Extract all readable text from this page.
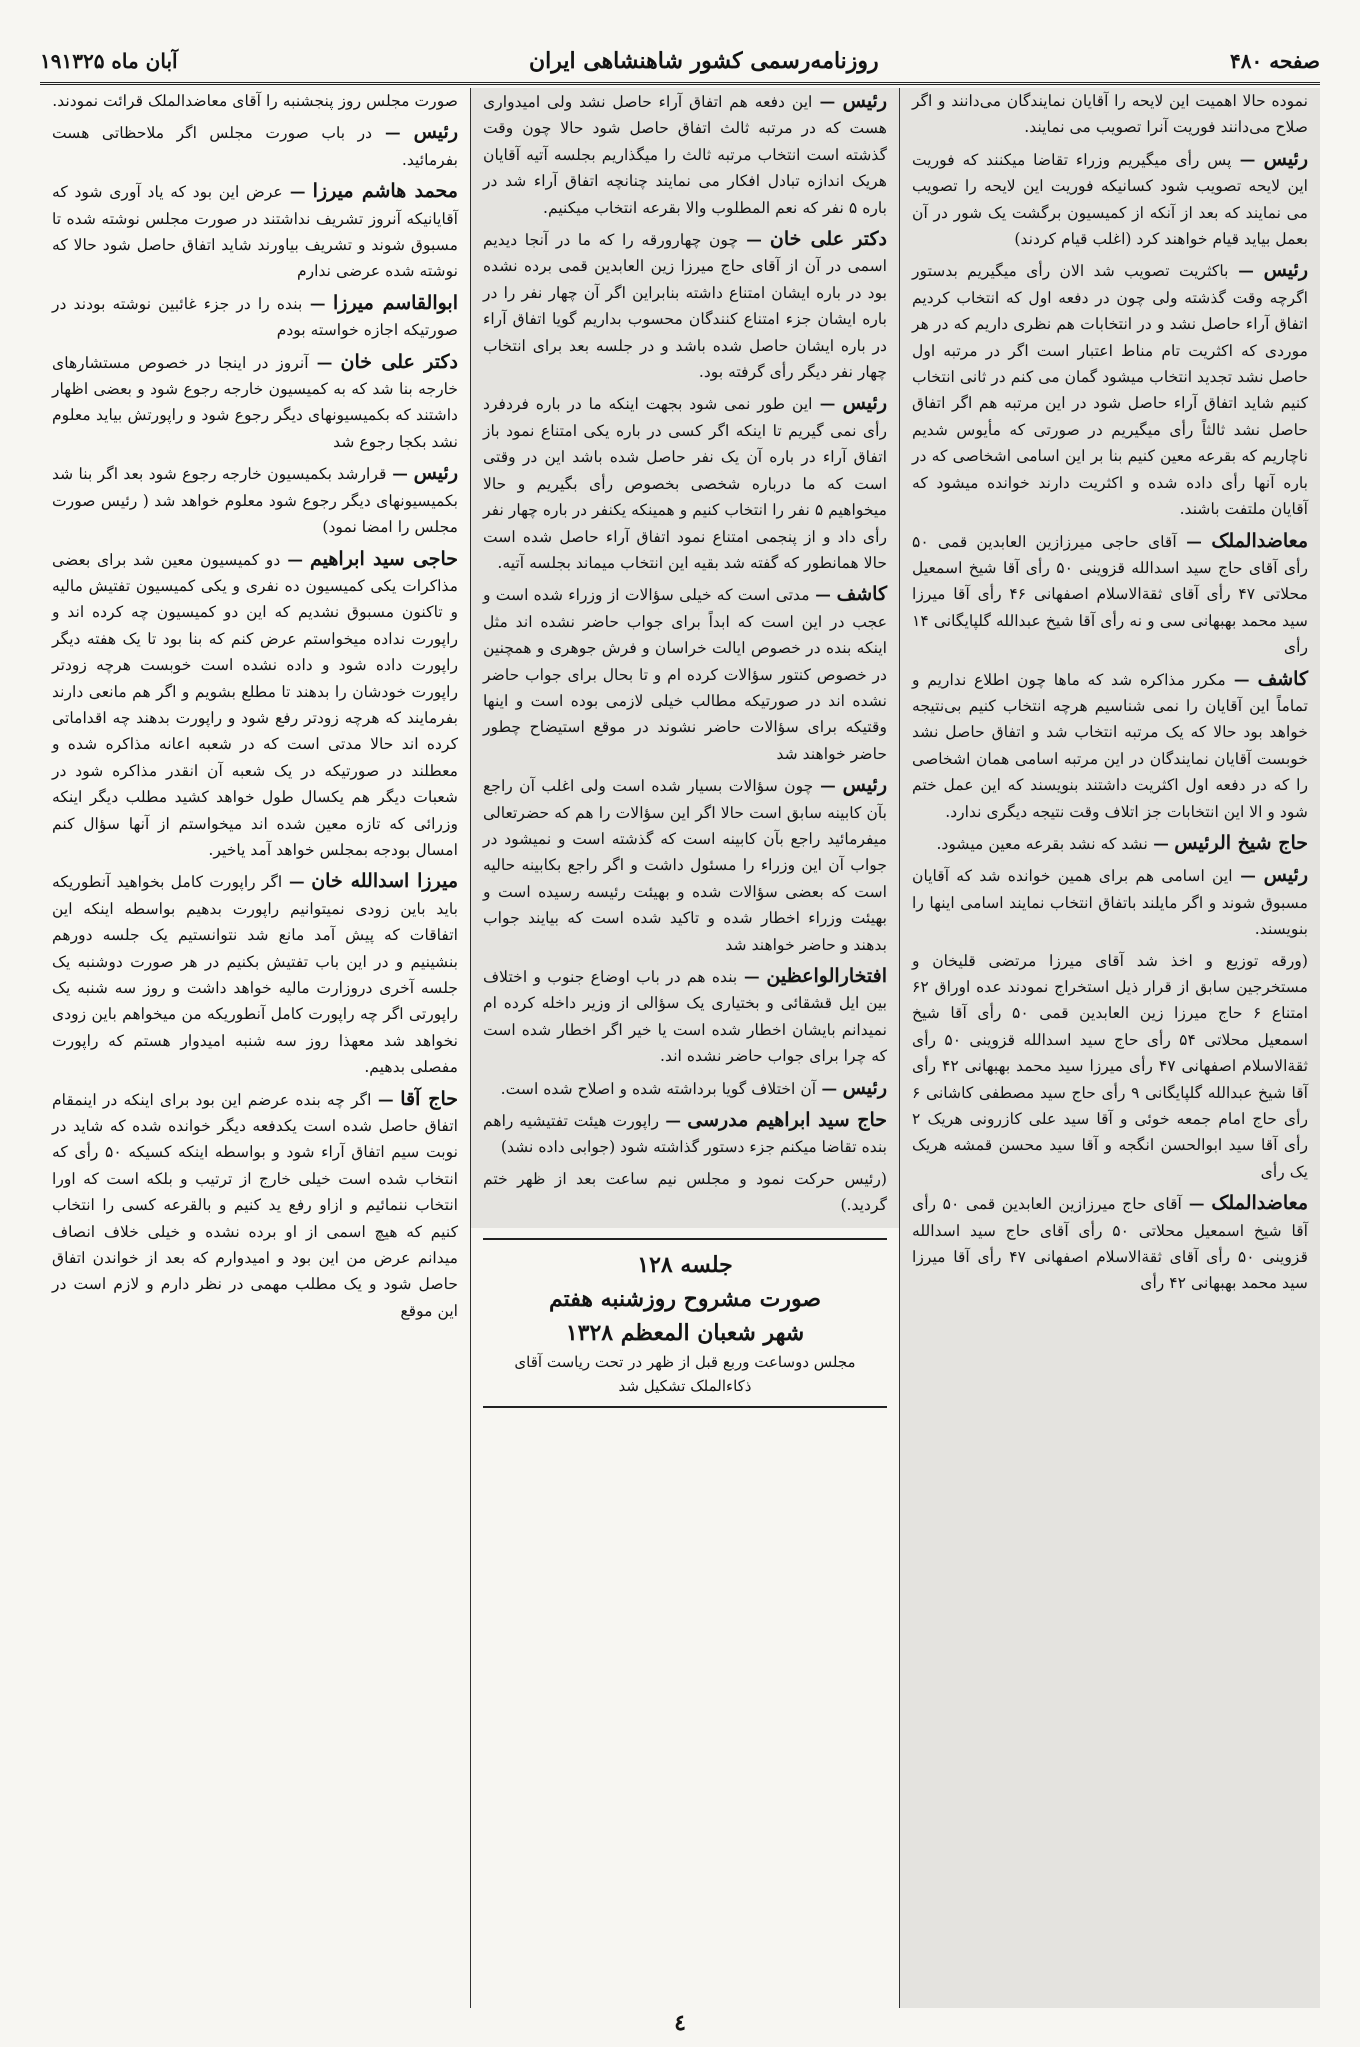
۱۹آبان ماه ۱۳۲۵	روزنامه‌رسمی کشور شاهنشاهی ایران	صفحه ۴۸۰

نموده حالا اهمیت این لایحه را آقایان نمایندگان می‌دانند و اگر صلاح می‌دانند فوریت آنرا تصویب می نمایند.

رئیس — پس رأی میگیریم وزراء تقاضا میکنند که فوریت این لایحه تصویب شود کسانیکه فوریت این لایحه را تصویب می نمایند که بعد از آنکه از کمیسیون برگشت یک شور در آن بعمل بیاید قیام خواهند کرد (اغلب قیام کردند)

رئیس — باکثریت تصویب شد الان رأی میگیریم بدستور اگرچه وقت گذشته ولی چون در دفعه اول که انتخاب کردیم اتفاق آراء حاصل نشد و در انتخابات هم نظری داریم که در هر موردی که اکثریت تام مناط اعتبار است اگر در مرتبه اول حاصل نشد تجدید انتخاب میشود گمان می کنم در ثانی انتخاب کنیم شاید اتفاق آراء حاصل شود در این مرتبه هم اگر اتفاق حاصل نشد ثالثاً رأی میگیریم در صورتی که مأیوس شدیم ناچاریم که بقرعه معین کنیم بنا بر این اسامی اشخاصی که در باره آنها رأی داده شده و اکثریت دارند خوانده میشود که آقایان ملتفت باشند.

معاضدالملک — آقای حاجی میرزازین العابدین قمی ۵۰ رأی آقای حاج سید اسدالله قزوینی ۵۰ رأی آقا شیخ اسمعیل محلاتی ۴۷ رأی آقای ثقةالاسلام اصفهانی ۴۶ رأی آقا میرزا سید محمد بهبهانی سی و نه رأی آقا شیخ عبدالله گلپایگانی ۱۴ رأی

کاشف — مکرر مذاکره شد که ماها چون اطلاع نداریم و تماماً این آقایان را نمی شناسیم هرچه انتخاب کنیم بی‌نتیجه خواهد بود حالا که یک مرتبه انتخاب شد و اتفاق حاصل نشد خوبست آقایان نمایندگان در این مرتبه اسامی همان اشخاصی را که در دفعه اول اکثریت داشتند بنویسند که این عمل ختم شود و الا این انتخابات جز اتلاف وقت نتیجه دیگری ندارد.

حاج شیخ الرئیس — نشد که نشد بقرعه معین میشود.

رئیس — این اسامی هم برای همین خوانده شد که آقایان مسبوق شوند و اگر مایلند باتفاق انتخاب نمایند اسامی اینها را بنویسند.

(ورقه توزیع و اخذ شد آقای میرزا مرتضی قلیخان و مستخرجین سابق از قرار ذیل استخراج نمودند عده اوراق ۶۲ امتناع ۶ حاج میرزا زین العابدین قمی ۵۰ رأی آقا شیخ اسمعیل محلاتی ۵۴ رأی حاج سید اسدالله قزوینی ۵۰ رأی ثقةالاسلام اصفهانی ۴۷ رأی میرزا سید محمد بهبهانی ۴۲ رأی آقا شیخ عبدالله گلپایگانی ۹ رأی حاج سید مصطفی کاشانی ۶ رأی حاج امام جمعه خوئی و آقا سید علی کازرونی هریک ۲ رأی آقا سید ابوالحسن انگجه و آقا سید محسن قمشه هریک یک رأی

معاضدالملک — آقای حاج میرزازین العابدین قمی ۵۰ رأی آقا شیخ اسمعیل محلاتی ۵۰ رأی آقای حاج سید اسدالله قزوینی ۵۰ رأی آقای ثقةالاسلام اصفهانی ۴۷ رأی آقا میرزا سید محمد بهبهانی ۴۲ رأی

رئیس — این دفعه هم اتفاق آراء حاصل نشد ولی امیدواری هست که در مرتبه ثالث اتفاق حاصل شود حالا چون وقت گذشته است انتخاب مرتبه ثالث را میگذاریم بجلسه آتیه آقایان هریک اندازه تبادل افکار می نمایند چنانچه اتفاق آراء شد در باره ۵ نفر که نعم المطلوب والا بقرعه انتخاب میکنیم.

دکتر علی خان — چون چهارورقه را که ما در آنجا دیدیم اسمی در آن از آقای حاج میرزا زین العابدین قمی برده نشده بود در باره ایشان امتناع داشته بنابراین اگر آن چهار نفر را در باره ایشان جزء امتناع کنندگان محسوب بداریم گویا اتفاق آراء در باره ایشان حاصل شده باشد و در جلسه بعد برای انتخاب چهار نفر دیگر رأی گرفته بود.

رئیس — این طور نمی شود بجهت اینکه ما در باره فردفرد رأی نمی گیریم تا اینکه اگر کسی در باره یکی امتناع نمود باز اتفاق آراء در باره آن یک نفر حاصل شده باشد این در وقتی است که ما درباره شخصی بخصوص رأی بگیریم و حالا میخواهیم ۵ نفر را انتخاب کنیم و همینکه یکنفر در باره چهار نفر رأی داد و از پنجمی امتناع نمود اتفاق آراء حاصل شده است حالا همانطور که گفته شد بقیه این انتخاب میماند بجلسه آتیه.

کاشف — مدتی است که خیلی سؤالات از وزراء شده است و عجب در این است که ابداً برای جواب حاضر نشده اند مثل اینکه بنده در خصوص ایالت خراسان و فرش جوهری و همچنین در خصوص کنتور سؤالات کرده ام و تا بحال برای جواب حاضر نشده اند در صورتیکه مطالب خیلی لازمی بوده است و اینها وقتیکه برای سؤالات حاضر نشوند در موقع استیضاح چطور حاضر خواهند شد

رئیس — چون سؤالات بسیار شده است ولی اغلب آن راجع بآن کابینه سابق است حالا اگر این سؤالات را هم که حضرتعالی میفرمائید راجع بآن کابینه است که گذشته است و نمیشود در جواب آن این وزراء را مسئول داشت و اگر راجع بکابینه حالیه است که بعضی سؤالات شده و بهیئت رئیسه رسیده است و بهیئت وزراء اخطار شده و تاکید شده است که بیایند جواب بدهند و حاضر خواهند شد

افتخارالواعظین — بنده هم در باب اوضاع جنوب و اختلاف بین ایل قشقائی و بختیاری یک سؤالی از وزیر داخله کرده ام نمیدانم بایشان اخطار شده است یا خیر اگر اخطار شده است که چرا برای جواب حاضر نشده اند.

رئیس — آن اختلاف گویا برداشته شده و اصلاح شده است.

حاج سید ابراهیم مدرسی — راپورت هیئت تفتیشیه راهم بنده تقاضا میکنم جزء دستور گذاشته شود (جوابی داده نشد)

(رئیس حرکت نمود و مجلس نیم ساعت بعد از ظهر ختم گردید.)

جلسه ۱۲۸
صورت مشروح روزشنبه هفتم
شهر شعبان المعظم ۱۳۲۸
مجلس دوساعت وربع قبل از ظهر در تحت ریاست آقای ذکاءالملک تشکیل شد

صورت مجلس روز پنجشنبه را آقای معاضدالملک قرائت نمودند.

رئیس — در باب صورت مجلس اگر ملاحظاتی هست بفرمائید.

محمد هاشم میرزا — عرض این بود که یاد آوری شود که آقایانیکه آنروز تشریف نداشتند در صورت مجلس نوشته شده تا مسبوق شوند و تشریف بیاورند شاید اتفاق حاصل شود حالا که نوشته شده عرضی ندارم

ابوالقاسم میرزا — بنده را در جزء غائبین نوشته بودند در صورتیکه اجازه خواسته بودم

دکتر علی خان — آنروز در اینجا در خصوص مستشارهای خارجه بنا شد که به کمیسیون خارجه رجوع شود و بعضی اظهار داشتند که بکمیسیونهای دیگر رجوع شود و راپورتش بیاید معلوم نشد بکجا رجوع شد

رئیس — قرارشد بکمیسیون خارجه رجوع شود بعد اگر بنا شد بکمیسیونهای دیگر رجوع شود معلوم خواهد شد ( رئیس صورت مجلس را امضا نمود)

حاجی سید ابراهیم — دو کمیسیون معین شد برای بعضی مذاکرات یکی کمیسیون ده نفری و یکی کمیسیون تفتیش مالیه و تاکنون مسبوق نشدیم که این دو کمیسیون چه کرده اند و راپورت نداده میخواستم عرض کنم که بنا بود تا یک هفته دیگر راپورت داده شود و داده نشده است خوبست هرچه زودتر راپورت خودشان را بدهند تا مطلع بشویم و اگر هم مانعی دارند بفرمایند که هرچه زودتر رفع شود و راپورت بدهند چه اقداماتی کرده اند حالا مدتی است که در شعبه اعانه مذاکره شده و معطلند در صورتیکه در یک شعبه آن انقدر مذاکره شود در شعبات دیگر هم یکسال طول خواهد کشید مطلب دیگر اینکه وزرائی که تازه معین شده اند میخواستم از آنها سؤال کنم امسال بودجه بمجلس خواهد آمد یاخیر.

میرزا اسدالله خان — اگر راپورت کامل بخواهید آنطوریکه باید باین زودی نمیتوانیم راپورت بدهیم بواسطه اینکه این اتفاقات که پیش آمد مانع شد نتوانستیم یک جلسه دورهم بنشینیم و در این باب تفتیش بکنیم در هر صورت دوشنبه یک جلسه آخری دروزارت مالیه خواهد داشت و روز سه شنبه یک راپورتی اگر چه راپورت کامل آنطوریکه من میخواهم باین زودی نخواهد شد معهذا روز سه شنبه امیدوار هستم که راپورت مفصلی بدهیم.

حاج آقا — اگر چه بنده عرضم این بود برای اینکه در اینمقام اتفاق حاصل شده است یکدفعه دیگر خوانده شده که شاید در نوبت سیم اتفاق آراء شود و بواسطه اینکه کسیکه ۵۰ رأی که انتخاب شده است خیلی خارج از ترتیب و بلکه است که اورا انتخاب ننمائیم و ازاو رفع ید کنیم و بالقرعه کسی را انتخاب کنیم که هیچ اسمی از او برده نشده و خیلی خلاف انصاف میدانم عرض من این بود و امیدوارم که بعد از خواندن اتفاق حاصل شود و یک مطلب مهمی در نظر دارم و لازم است در این موقع

٤
